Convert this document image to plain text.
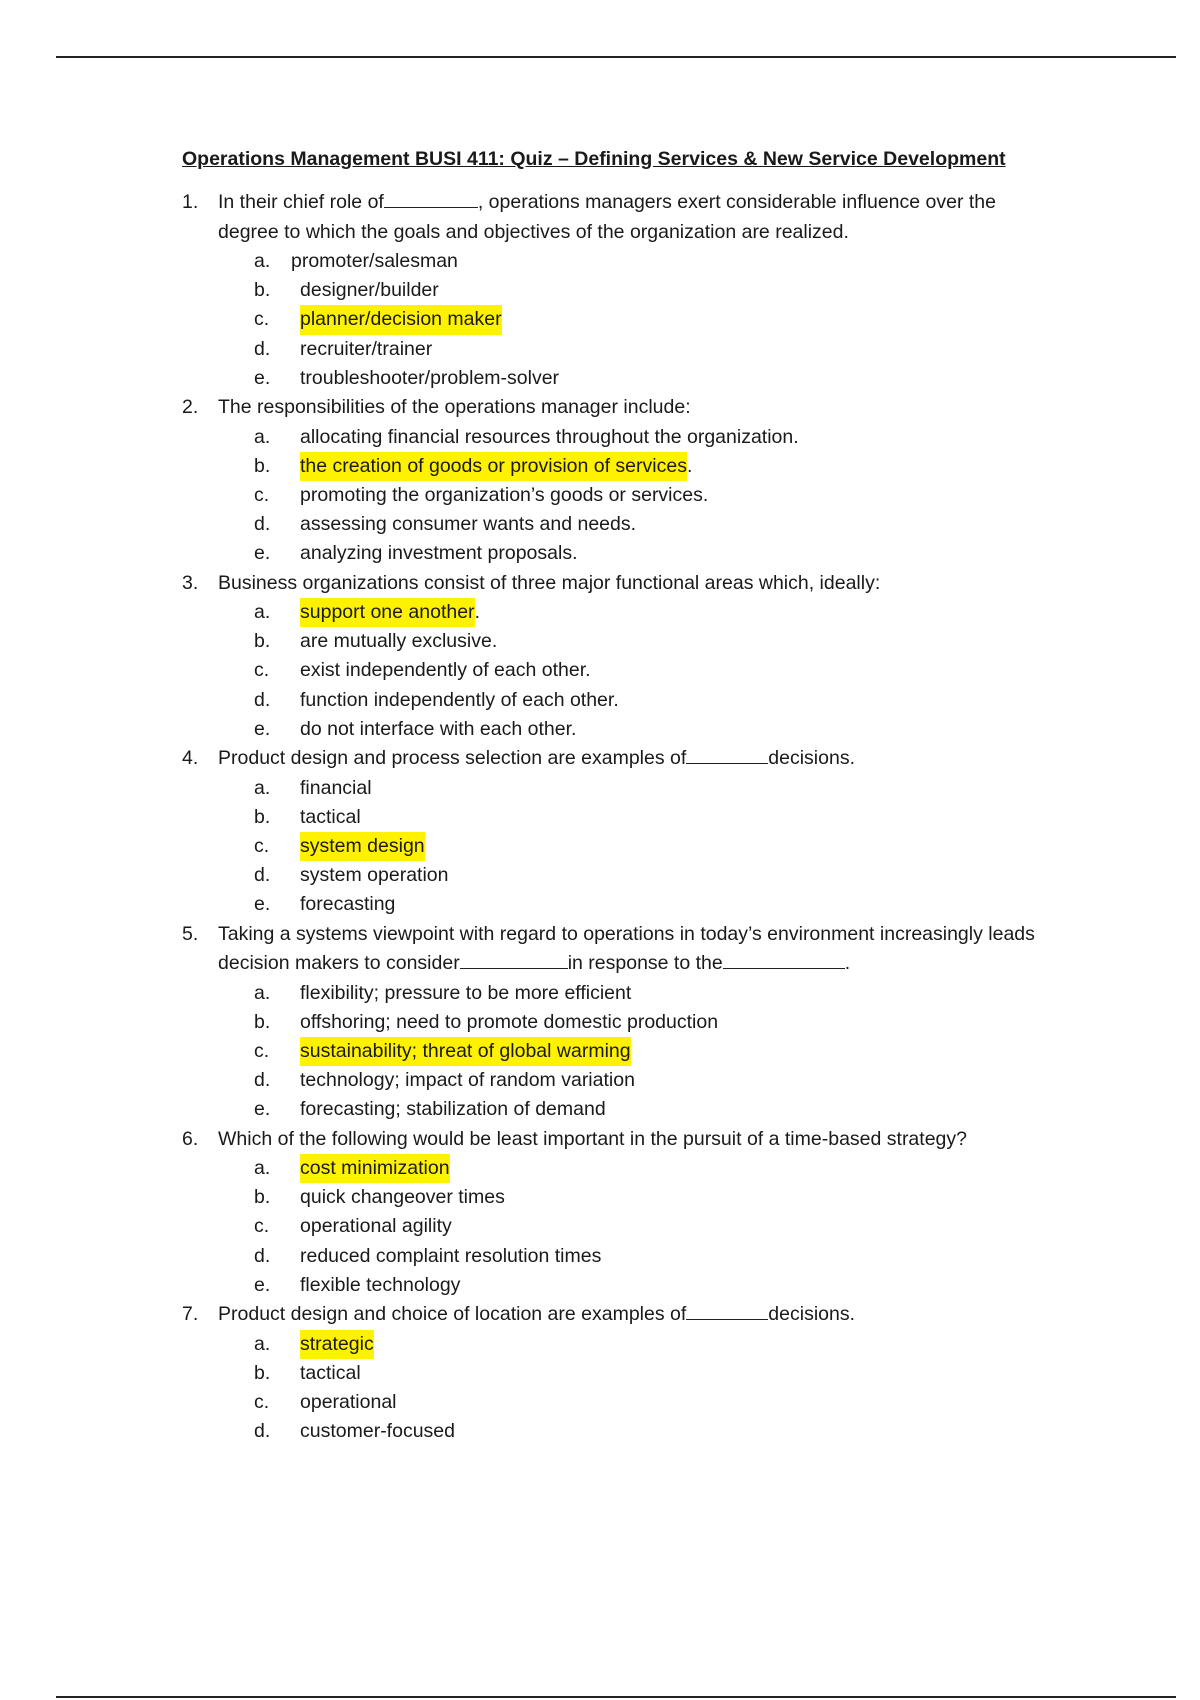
Operations Management BUSI 411: Quiz – Defining Services & New Service Development
1.	In their chief role of	, operations managers exert considerable influence over the degree to which the goals and objectives of the organization are realized.
a.	promoter/salesman
b.	designer/builder
c.	planner/decision maker
d.	recruiter/trainer
e.	troubleshooter/problem-solver
2.	The responsibilities of the operations manager include:
a.	allocating financial resources throughout the organization.
b.	the creation of goods or provision of services .
c.	promoting the organization’s goods or services.
d.	assessing consumer wants and needs.
e.	analyzing investment proposals.
3.	Business organizations consist of three major functional areas which, ideally:
a.	support one another .
b.	are mutually exclusive.
c.	exist independently of each other.
d.	function independently of each other.
e.	do not interface with each other.
4.	Product design and process selection are examples of	decisions.
a.	financial
b.	tactical
c.	system design
d.	system operation
e.	forecasting
5.	Taking a systems viewpoint with regard to operations in today’s environment increasingly leads decision makers to consider	in response to the	.
a.	flexibility; pressure to be more efficient
b.	offshoring; need to promote domestic production
c.	sustainability; threat of global warming
d.	technology; impact of random variation
e.	forecasting; stabilization of demand
6.	Which of the following would be least important in the pursuit of a time-based strategy?
a.	cost minimization
b.	quick changeover times
c.	operational agility
d.	reduced complaint resolution times
e.	flexible technology
7.	Product design and choice of location are examples of	decisions.
a.	strategic
b.	tactical
c.	operational
d.	customer-focused
